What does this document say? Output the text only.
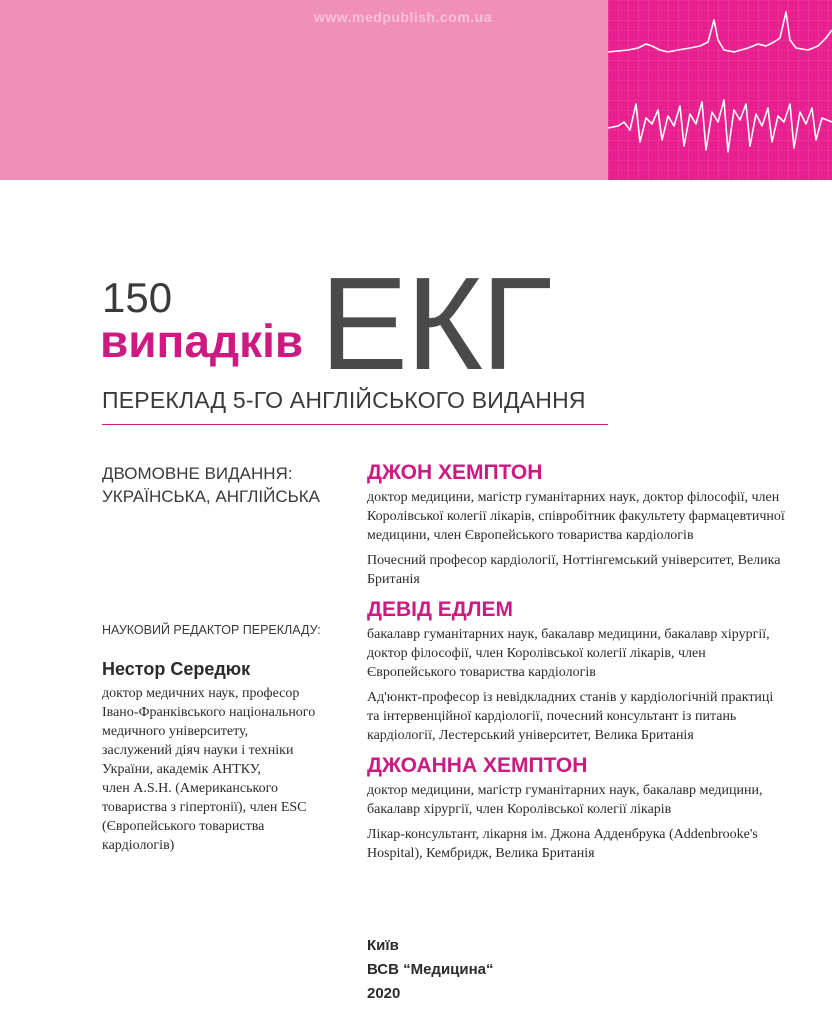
www.medpublish.com.ua
150
випадків ЕКГ
ПЕРЕКЛАД 5-ГО АНГЛІЙСЬКОГО ВИДАННЯ
ДВОМОВНЕ ВИДАННЯ:
УКРАЇНСЬКА, АНГЛІЙСЬКА
НАУКОВИЙ РЕДАКТОР ПЕРЕКЛАДУ:
Нестор Середюк
доктор медичних наук, професор
Івано-Франківського національного
медичного університету,
заслужений діяч науки і техніки
України, академік АНТКУ,
член A.S.H. (Американського
товариства з гіпертонії), член ESC
(Європейського товариства
кардіологів)

ДЖОН ХЕМПТОН

доктор медицини, магістр гуманітарних наук, доктор філософії, член Королівської колегії лікарів, співробітник факультету фармацевтичної медицини, член Європейського товариства кардіологів

Почесний професор кардіології, Ноттінгемський університет, Велика Британія

ДЕВІД ЕДЛЕМ

бакалавр гуманітарних наук, бакалавр медицини, бакалавр хірургії, доктор філософії, член Королівської колегії лікарів, член Європейського товариства кардіологів

Ад'юнкт-професор із невідкладних станів у кардіологічній практиці та інтервенційної кардіології, почесний консультант із питань кардіології, Лестерський університет, Велика Британія

ДЖОАННА ХЕМПТОН

доктор медицини, магістр гуманітарних наук, бакалавр медицини, бакалавр хірургії, член Королівської колегії лікарів

Лікар-консультант, лікарня ім. Джона Адденбрука (Addenbrooke's Hospital), Кембридж, Велика Британія

Київ
ВСВ “Медицина“
2020
